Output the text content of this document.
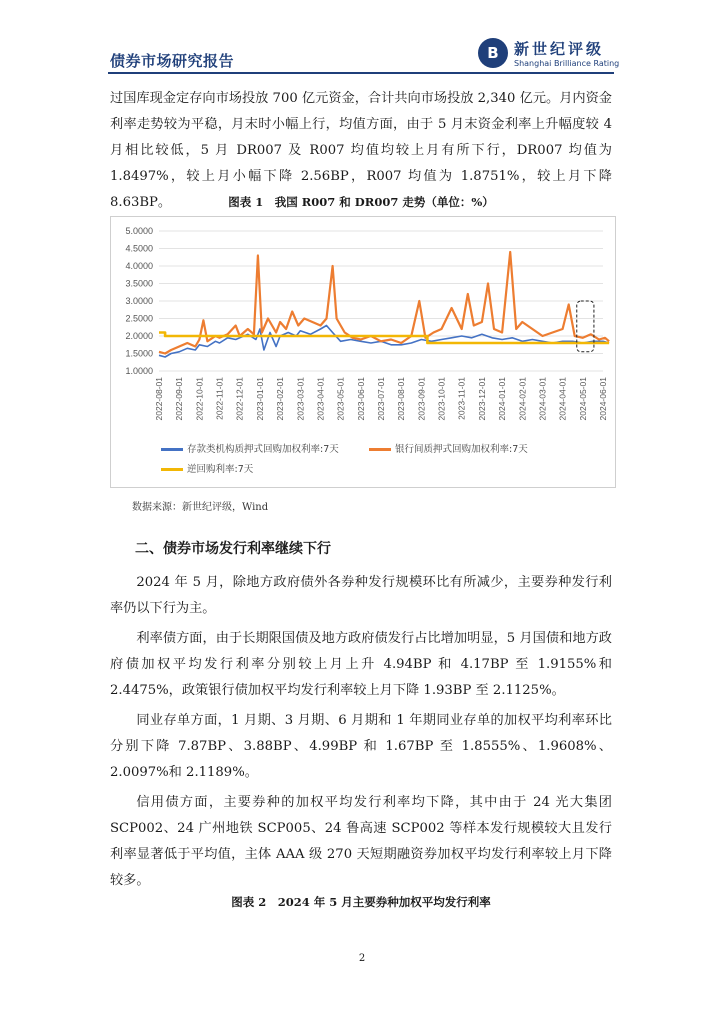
债券市场研究报告	B	新世纪评级
Shanghai Brilliance Rating
过国库现金定存向市场投放 700 亿元资金，合计共向市场投放 2,340 亿元。月内资金利率走势较为平稳，月末时小幅上行，均值方面，由于 5 月末资金利率上升幅度较 4 月相比较低，5 月 DR007 及 R007 均值均较上月有所下行，DR007 均值为 1.8497%，较上月小幅下降 2.56BP，R007 均值为 1.8751%，较上月下降 8.63BP。	图表 1　我国 R007 和 DR007 走势（单位：%）
5.0000
4.5000
4.0000
3.5000
3.0000
2.5000
2.0000
1.5000
1.0000
2022-08-01 2022-09-01 2022-10-01 2022-11-01 2022-12-01 2023-01-01 2023-02-01 2023-03-01 2023-04-01 2023-05-01 2023-06-01 2023-07-01 2023-08-01 2023-09-01 2023-10-01 2023-11-01 2023-12-01 2024-01-01 2024-02-01 2024-03-01 2024-04-01 2024-05-01 2024-06-01
存款类机构质押式回购加权利率:7天	银行间质押式回购加权利率:7天
逆回购利率:7天
数据来源：新世纪评级，Wind
二、债券市场发行利率继续下行
2024 年 5 月，除地方政府债外各券种发行规模环比有所减少，主要券种发行利率仍以下行为主。
利率债方面，由于长期限国债及地方政府债发行占比增加明显，5 月国债和地方政府债加权平均发行利率分别较上月上升 4.94BP 和 4.17BP 至 1.9155%和 2.4475%，政策银行债加权平均发行利率较上月下降 1.93BP 至 2.1125%。
同业存单方面，1 月期、3 月期、6 月期和 1 年期同业存单的加权平均利率环比分别下降 7.87BP、3.88BP、4.99BP 和 1.67BP 至 1.8555%、1.9608%、2.0097%和 2.1189%。
信用债方面，主要券种的加权平均发行利率均下降，其中由于 24 光大集团 SCP002、24 广州地铁 SCP005、24 鲁高速 SCP002 等样本发行规模较大且发行利率显著低于平均值，主体 AAA 级 270 天短期融资券加权平均发行利率较上月下降较多。
图表 2　2024 年 5 月主要券种加权平均发行利率
2
